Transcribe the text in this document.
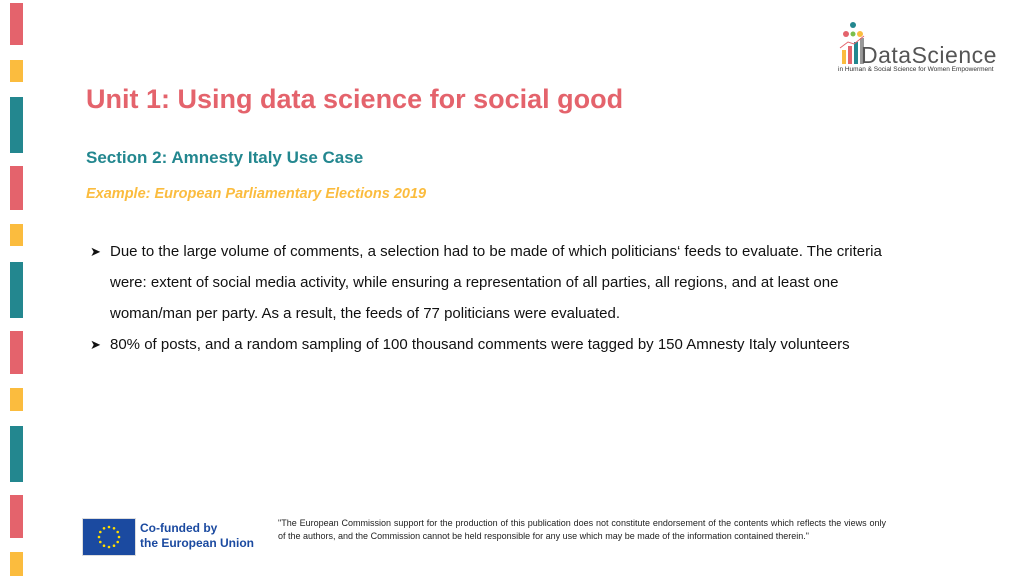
DataScience
in Human & Social Science for Women Empowerment
Unit 1: Using data science for social good
Section 2: Amnesty Italy Use Case
Example: European Parliamentary Elections 2019
➤ Due to the large volume of comments, a selection had to be made of which politicians‘ feeds to evaluate. The criteria were: extent of social media activity, while ensuring a representation of all parties, all regions, and at least one woman/man per party. As a result, the feeds of 77 politicians were evaluated.
➤ 80% of posts, and a random sampling of 100 thousand comments were tagged by 150 Amnesty Italy volunteers
Co-funded by
the European Union
"The European Commission support for the production of this publication does not constitute endorsement of the contents which reflects the views only of the authors, and the Commission cannot be held responsible for any use which may be made of the information contained therein."
